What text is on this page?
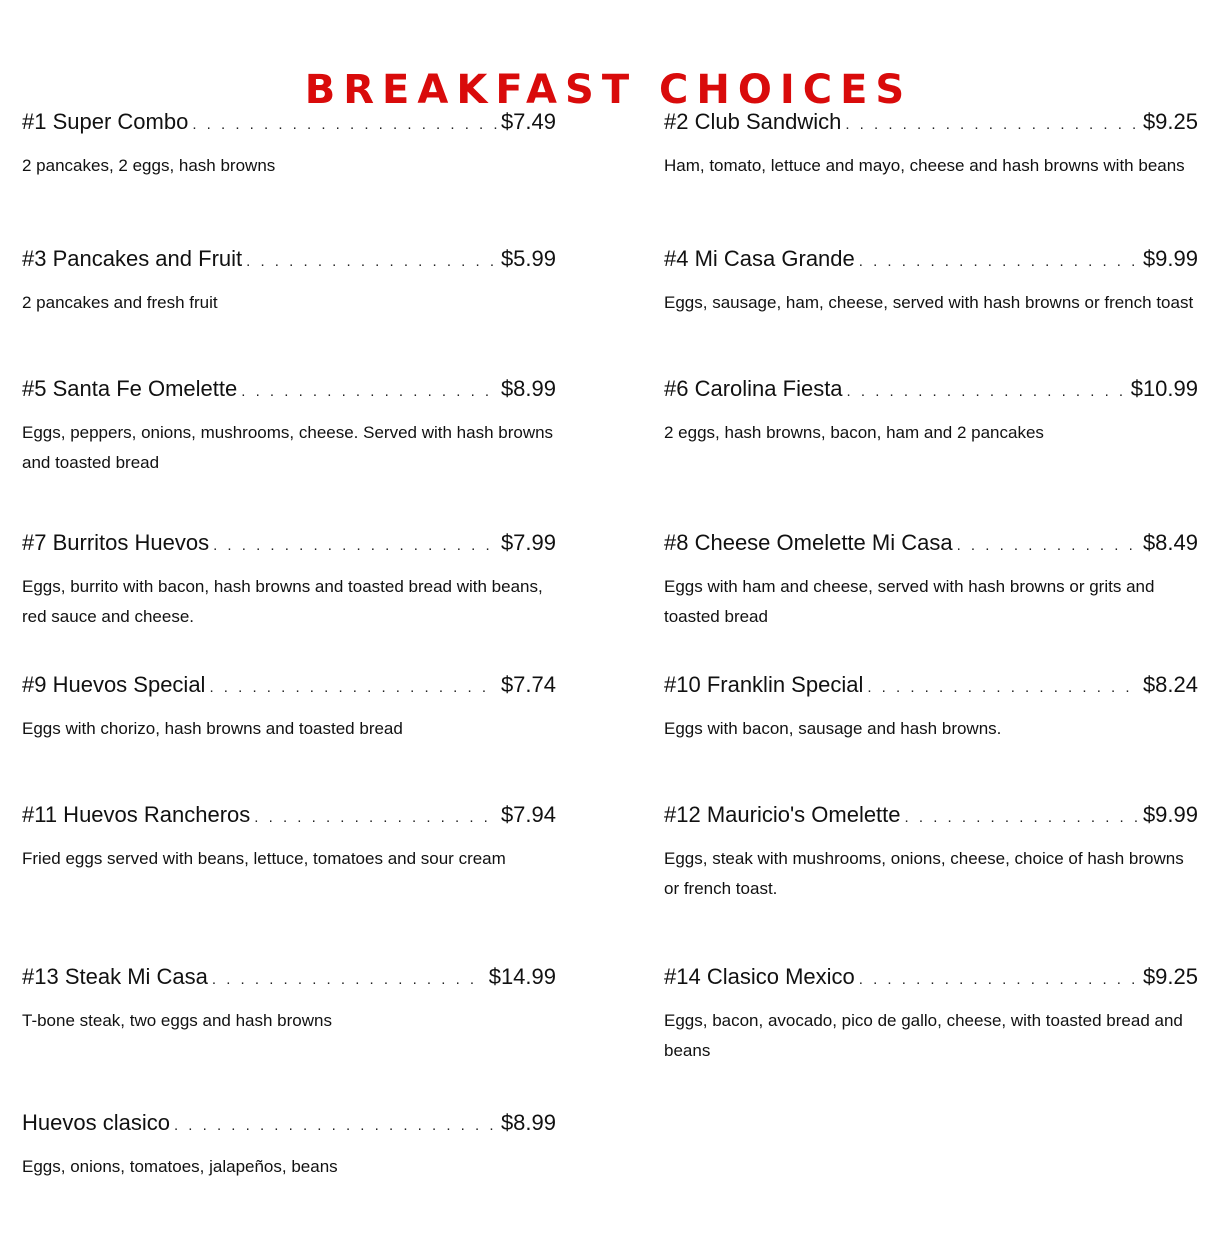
BREAKFAST CHOICES
#1 Super Combo . . .	$7.49
2 pancakes, 2 eggs, hash browns
#2 Club Sandwich . . .	$9.25
Ham, tomato, lettuce and mayo, cheese and hash browns with beans
#3 Pancakes and Fruit . . .	$5.99
2 pancakes and fresh fruit
#4 Mi Casa Grande . . .	$9.99
Eggs, sausage, ham, cheese, served with hash browns or french toast
#5 Santa Fe Omelette . . .	$8.99
Eggs, peppers, onions, mushrooms, cheese. Served with hash browns and toasted bread
#6 Carolina Fiesta . . .	$10.99
2 eggs, hash browns, bacon, ham and 2 pancakes
#7 Burritos Huevos . . .	$7.99
Eggs, burrito with bacon, hash browns and toasted bread with beans, red sauce and cheese.
#8 Cheese Omelette Mi Casa . . .	$8.49
Eggs with ham and cheese, served with hash browns or grits and toasted bread
#9 Huevos Special . . .	$7.74
Eggs with chorizo, hash browns and toasted bread
#10 Franklin Special . . .	$8.24
Eggs with bacon, sausage and hash browns.
#11 Huevos Rancheros . . .	$7.94
Fried eggs served with beans, lettuce, tomatoes and sour cream
#12 Mauricio's Omelette . . .	$9.99
Eggs, steak with mushrooms, onions, cheese, choice of hash browns or french toast.
#13 Steak Mi Casa . . .	$14.99
T-bone steak, two eggs and hash browns
#14 Clasico Mexico . . .	$9.25
Eggs, bacon, avocado, pico de gallo, cheese, with toasted bread and beans
Huevos clasico . . .	$8.99
Eggs, onions, tomatoes, jalapeños, beans
